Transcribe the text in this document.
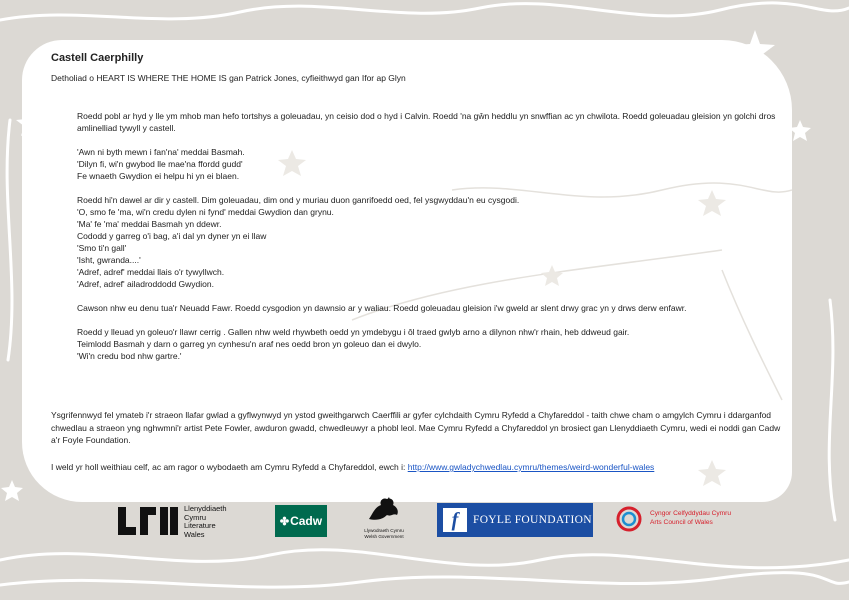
Castell Caerphilly
Detholiad o HEART IS WHERE THE HOME IS gan Patrick Jones, cyfieithwyd gan Ifor ap Glyn

Roedd pobl ar hyd y lle ym mhob man hefo tortshys a goleuadau, yn ceisio dod o hyd i Calvin. Roedd 'na gŵn heddlu yn snwffian ac yn chwilota. Roedd goleuadau gleision yn golchi dros amlinelliad tywyll y castell.

'Awn ni byth mewn i fan'na' meddai Basmah.
'Dilyn fi, wi'n gwybod lle mae'na ffordd gudd'
Fe wnaeth Gwydion ei helpu hi yn ei blaen.

Roedd hi'n dawel ar dir y castell. Dim goleuadau, dim ond y muriau duon ganrifoedd oed, fel ysgwyddau'n eu cysgodi.
'O, smo fe 'ma, wi'n credu dylen ni fynd' meddai Gwydion dan grynu.
'Ma' fe 'ma' meddai Basmah yn ddewr.
Cododd y garreg o'i bag, a'i dal yn dyner yn ei llaw
'Smo ti'n gall'
'Isht, gwranda....'
'Adref, adref' meddai llais o'r tywyllwch.
'Adref, adref' ailadroddodd Gwydion.

Cawson nhw eu denu tua'r Neuadd Fawr. Roedd cysgodion yn dawnsio ar y waliau. Roedd goleuadau gleision i'w gweld ar slent drwy grac yn y drws derw enfawr.

Roedd y lleuad yn goleuo'r llawr cerrig . Gallen nhw weld rhywbeth oedd yn ymdebygu i ôl traed gwlyb arno a dilynon nhw'r rhain, heb ddweud gair.
Teimlodd Basmah y darn o garreg yn cynhesu'n araf nes oedd bron yn goleuo dan ei dwylo.
'Wi'n credu bod nhw gartre.'

Ysgrifennwyd fel ymateb i'r straeon llafar gwlad a gyflwynwyd yn ystod gweithgarwch Caerffili ar gyfer cylchdaith Cymru Ryfedd a Chyfareddol - taith chwe cham o amgylch Cymru i ddarganfod chwedlau a straeon yng nghwmni'r artist Pete Fowler, awduron gwadd, chwedleuwyr a phobl leol. Mae Cymru Ryfedd a Chyfareddol yn brosiect gan Llenyddiaeth Cymru, wedi ei noddi gan Cadw a'r Foyle Foundation.
I weld yr holl weithiau celf, ac am ragor o wybodaeth am Cymru Ryfedd a Chyfareddol, ewch i: http://www.gwladychwedlau.cymru/themes/weird-wonderful-wales
Llenyddiaeth
Cymru
Literature
Wales
✤ Cadw
Llywodraeth Cymru
Welsh Government
f	FOYLE FOUNDATION
Cyngor Celfyddydau Cymru
Arts Council of Wales
